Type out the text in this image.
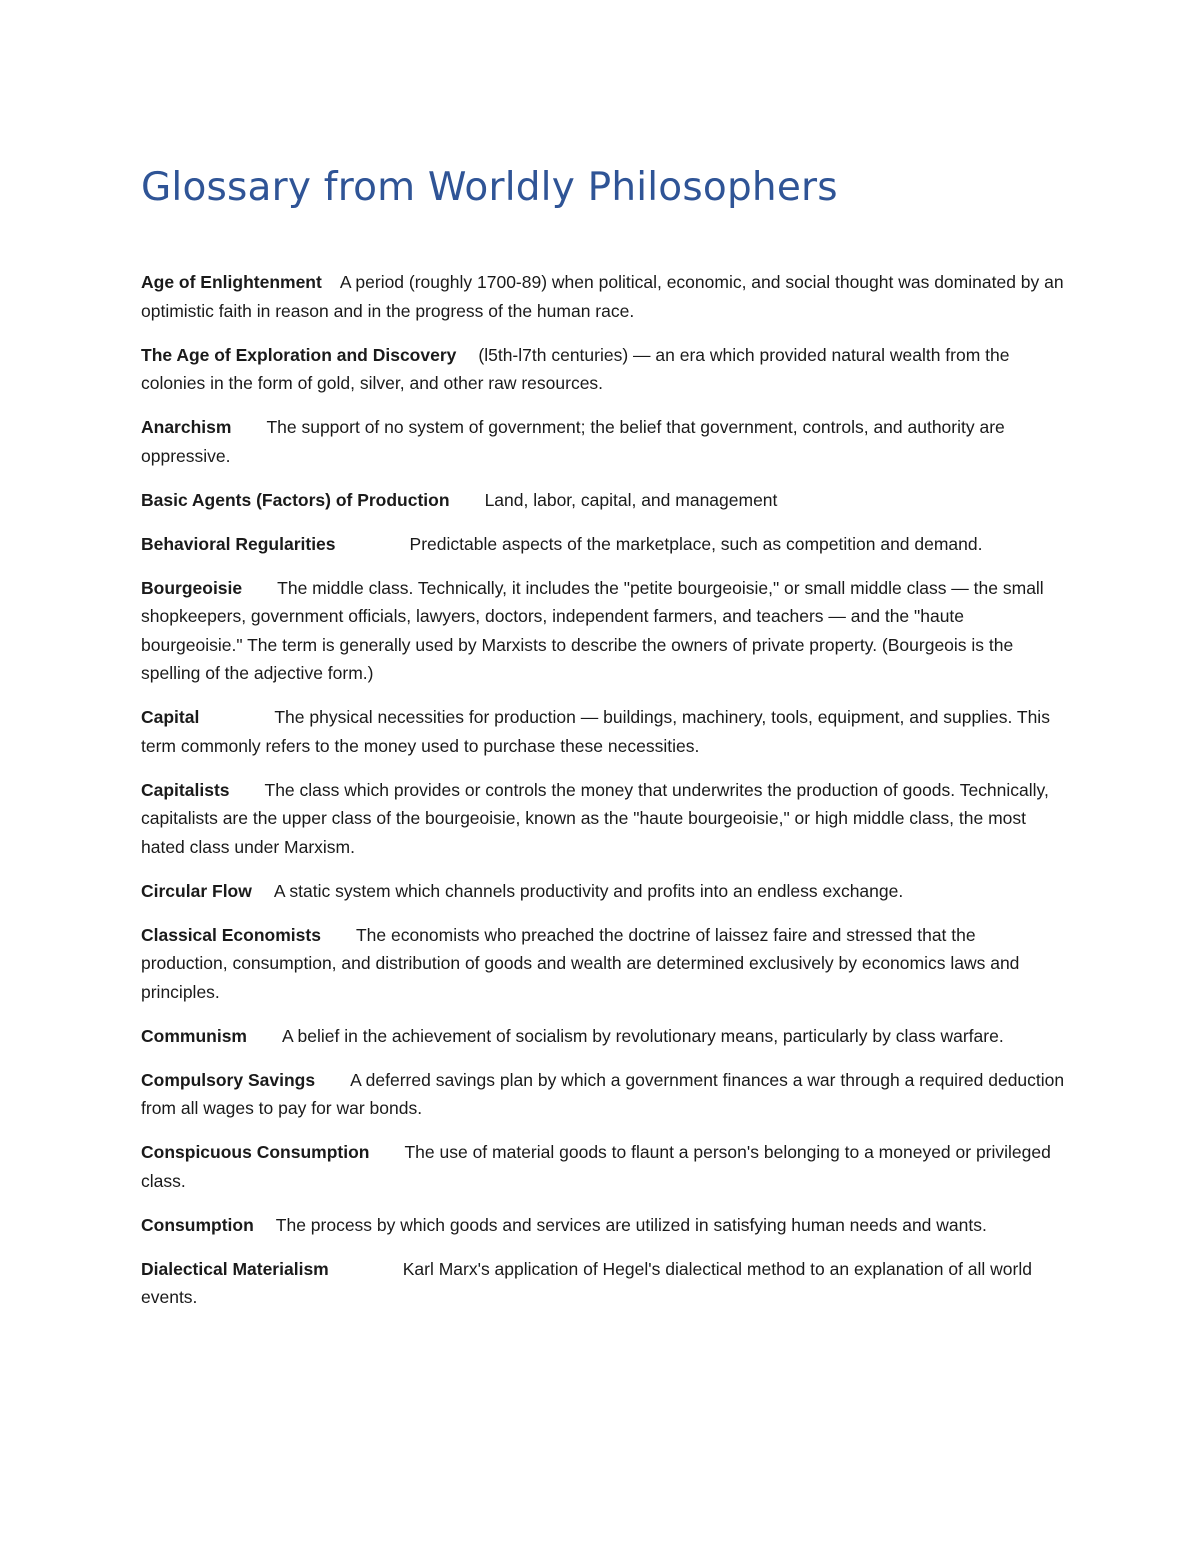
Glossary from Worldly Philosophers

Age of Enlightenment A period (roughly 1700-89) when political, economic, and social thought was dominated by an optimistic faith in reason and in the progress of the human race.

The Age of Exploration and Discovery (l5th-l7th centuries) — an era which provided natural wealth from the colonies in the form of gold, silver, and other raw resources.

Anarchism The support of no system of government; the belief that government, controls, and authority are oppressive.

Basic Agents (Factors) of Production Land, labor, capital, and management

Behavioral Regularities	Predictable aspects of the marketplace, such as competition and demand.

Bourgeoisie The middle class. Technically, it includes the "petite bourgeoisie," or small middle class — the small shopkeepers, government officials, lawyers, doctors, independent farmers, and teachers — and the "haute bourgeoisie." The term is generally used by Marxists to describe the owners of private property. (Bourgeois is the spelling of the adjective form.)

Capital	The physical necessities for production — buildings, machinery, tools, equipment, and supplies. This term commonly refers to the money used to purchase these necessities.

Capitalists The class which provides or controls the money that underwrites the production of goods. Technically, capitalists are the upper class of the bourgeoisie, known as the "haute bourgeoisie," or high middle class, the most hated class under Marxism.

Circular Flow A static system which channels productivity and profits into an endless exchange.

Classical Economists The economists who preached the doctrine of laissez faire and stressed that the production, consumption, and distribution of goods and wealth are determined exclusively by economics laws and principles.

Communism A belief in the achievement of socialism by revolutionary means, particularly by class warfare.

Compulsory Savings A deferred savings plan by which a government finances a war through a required deduction from all wages to pay for war bonds.

Conspicuous Consumption The use of material goods to flaunt a person's belonging to a moneyed or privileged class.

Consumption The process by which goods and services are utilized in satisfying human needs and wants.

Dialectical Materialism	Karl Marx's application of Hegel's dialectical method to an explanation of all world events.
